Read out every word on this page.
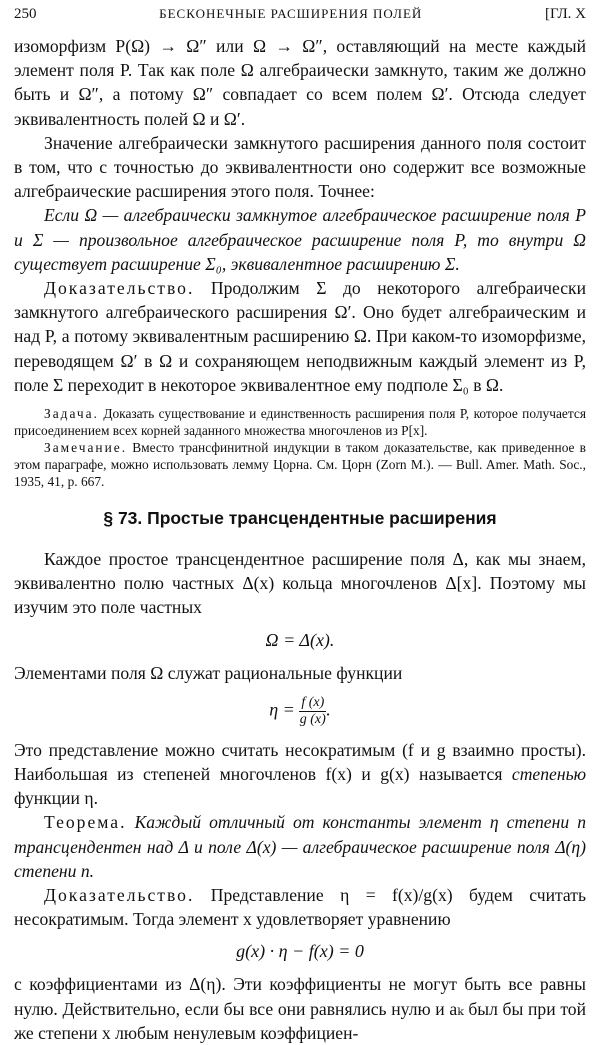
250	БЕСКОНЕЧНЫЕ РАСШИРЕНИЯ ПОЛЕЙ	[ГЛ. X

изоморфизм P(Ω) → Ω″ или Ω → Ω″, оставляющий на месте каждый элемент поля P. Так как поле Ω алгебраически замкнуто, таким же должно быть и Ω″, а потому Ω″ совпадает со всем полем Ω′. Отсюда следует эквивалентность полей Ω и Ω′.

Значение алгебраически замкнутого расширения данного поля состоит в том, что с точностью до эквивалентности оно содержит все возможные алгебраические расширения этого поля. Точнее:

Если Ω — алгебраически замкнутое алгебраическое расширение поля P и Σ — произвольное алгебраическое расширение поля P, то внутри Ω существует расширение Σ₀, эквивалентное расширению Σ.

Доказательство. Продолжим Σ до некоторого алгебраически замкнутого алгебраического расширения Ω′. Оно будет алгебраическим и над P, а потому эквивалентным расширению Ω. При каком-то изоморфизме, переводящем Ω′ в Ω и сохраняющем неподвижным каждый элемент из P, поле Σ переходит в некоторое эквивалентное ему подполе Σ₀ в Ω.

Задача. Доказать существование и единственность расширения поля P, которое получается присоединением всех корней заданного множества многочленов из P[x].

Замечание. Вместо трансфинитной индукции в таком доказательстве, как приведенное в этом параграфе, можно использовать лемму Цорна. См. Цорн (Zorn M.). — Bull. Amer. Math. Soc., 1935, 41, p. 667.

§ 73. Простые трансцендентные расширения

Каждое простое трансцендентное расширение поля Δ, как мы знаем, эквивалентно полю частных Δ(x) кольца многочленов Δ[x]. Поэтому мы изучим это поле частных

Ω = Δ(x).

Элементами поля Ω служат рациональные функции

$\eta = \frac{f (x)}{g (x)}$ .

Это представление можно считать несократимым (f и g взаимно просты). Наибольшая из степеней многочленов f(x) и g(x) называется степенью функции η.

Теорема. Каждый отличный от константы элемент η степени n трансцендентен над Δ и поле Δ(x) — алгебраическое расширение поля Δ(η) степени n.

Доказательство. Представление η = f(x)/g(x) будем считать несократимым. Тогда элемент x удовлетворяет уравнению

g(x) · η − f(x) = 0

с коэффициентами из Δ(η). Эти коэффициенты не могут быть все равны нулю. Действительно, если бы все они равнялись нулю и aₖ был бы при той же степени x любым ненулевым коэффициен-
